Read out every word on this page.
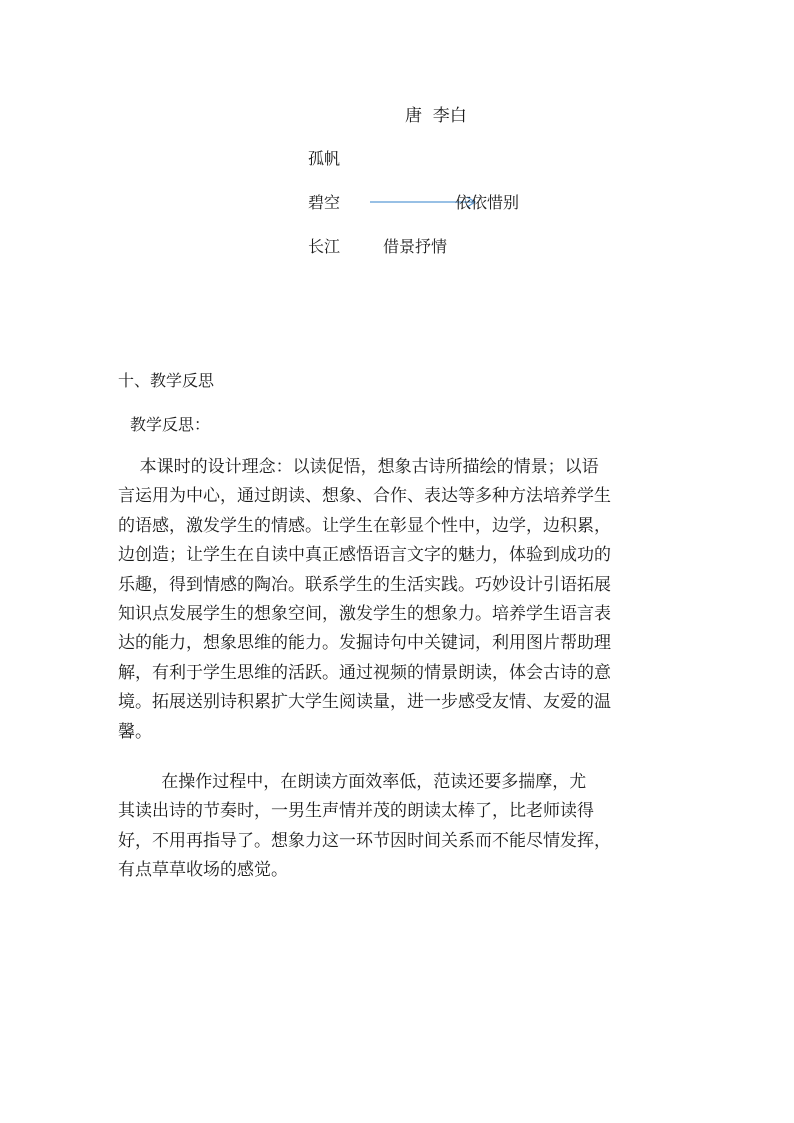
唐  李白
孤帆
碧空	依依惜别
长江	借景抒情
十、教学反思
教学反思：
本课时的设计理念：以读促悟，想象古诗所描绘的情景；以语
言运用为中心，通过朗读、想象、合作、表达等多种方法培养学生
的语感，激发学生的情感。让学生在彰显个性中，边学，边积累，
边创造；让学生在自读中真正感悟语言文字的魅力，体验到成功的
乐趣，得到情感的陶冶。联系学生的生活实践。巧妙设计引语拓展
知识点发展学生的想象空间，激发学生的想象力。培养学生语言表
达的能力，想象思维的能力。发掘诗句中关键词，利用图片帮助理
解，有利于学生思维的活跃。通过视频的情景朗读，体会古诗的意
境。拓展送别诗积累扩大学生阅读量，进一步感受友情、友爱的温
馨。
在操作过程中，在朗读方面效率低，范读还要多揣摩，尤
其读出诗的节奏时，一男生声情并茂的朗读太棒了，比老师读得
好，不用再指导了。想象力这一环节因时间关系而不能尽情发挥，
有点草草收场的感觉。
